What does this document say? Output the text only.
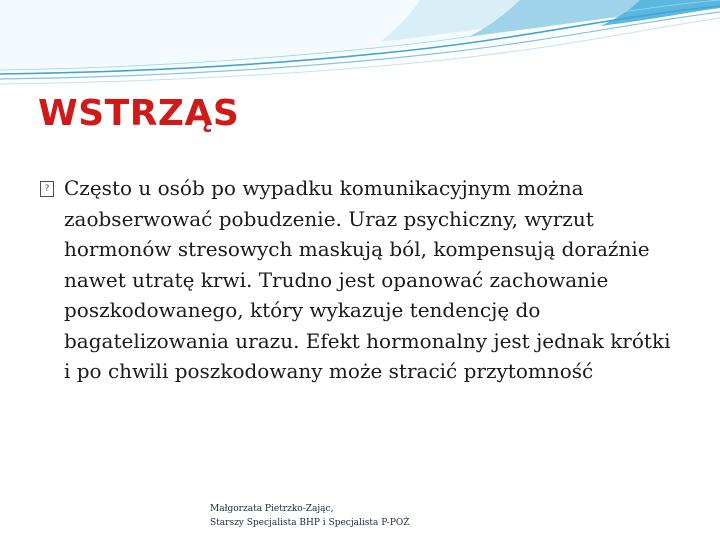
WSTRZĄS

? Często u osób po wypadku komunikacyjnym można zaobserwować pobudzenie. Uraz psychiczny, wyrzut hormonów stresowych maskują ból, kompensują doraźnie nawet utratę krwi. Trudno jest opanować zachowanie poszkodowanego, który wykazuje tendencję do bagatelizowania urazu. Efekt hormonalny jest jednak krótki i po chwili poszkodowany może stracić przytomność

Małgorzata Pietrzko-Zając,
Starszy Specjalista BHP i Specjalista P-POŻ
